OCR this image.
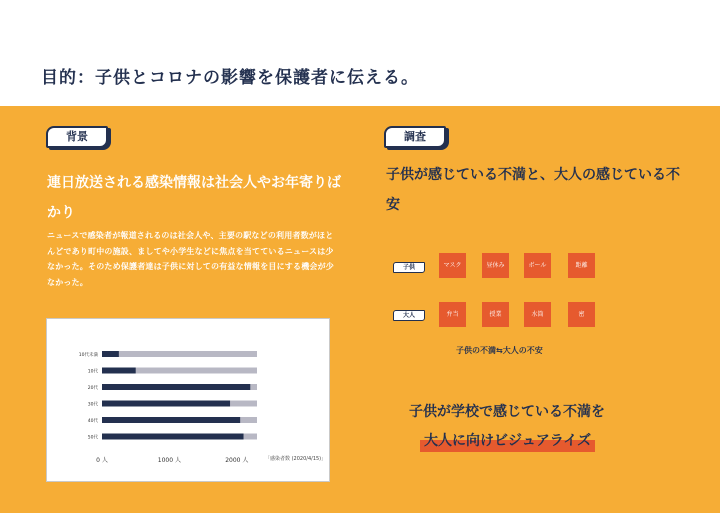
目的：子供とコロナの影響を保護者に伝える。
背景
連日放送される感染情報は社会人やお年寄りばかり
ニュースで感染者が報道されるのは社会人や、主要の駅などの利用者数がほとんどであり町中の施設、ましてや小学生などに焦点を当てているニュースは少なかった。そのため保護者達は子供に対しての有益な情報を目にする機会が少なかった。
10代未満
10代
20代
30代
40代
50代
0 人	1000 人	2000 人	「感染者数 (2020/4/15)」
調査
子供が感じている不満と、大人の感じている不安
子供	マスク	昼休み	ボール	距離
大人	弁当	授業	水筒	密
子供の不満⇆大人の不安
子供が学校で感じている不満を
大人に向けビジュアライズ
